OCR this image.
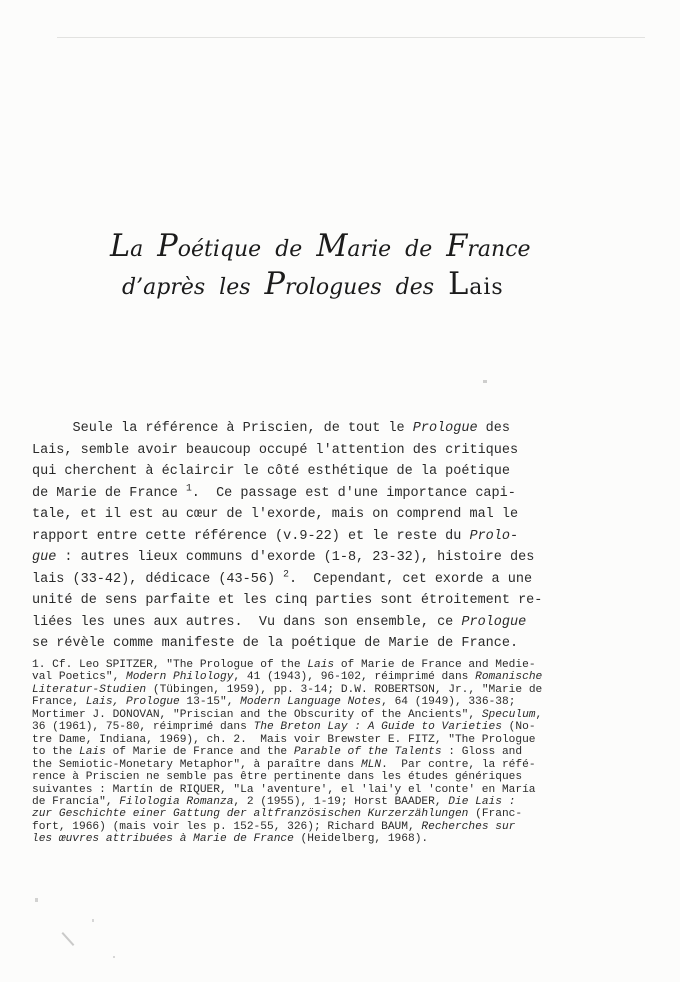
La Poétique de Marie de France
d’après les Prologues des Lais
Seule la référence à Priscien, de tout le Prologue des
Lais, semble avoir beaucoup occupé l'attention des critiques
qui cherchent à éclaircir le côté esthétique de la poétique
de Marie de France $^1$.  Ce passage est d'une importance capi-
tale, et il est au cœur de l'exorde, mais on comprend mal le
rapport entre cette référence (v.9-22) et le reste du Prolo-
gue : autres lieux communs d'exorde (1-8, 23-32), histoire des
lais (33-42), dédicace (43-56) $^2$.  Cependant, cet exorde a une
unité de sens parfaite et les cinq parties sont étroitement re-
liées les unes aux autres.  Vu dans son ensemble, ce Prologue
se révèle comme manifeste de la poétique de Marie de France.
1. Cf. Leo SPITZER, "The Prologue of the Lais of Marie de France and Medie-
val Poetics", Modern Philology, 41 (1943), 96-102, réimprimé dans Romanische
Literatur-Studien (Tübingen, 1959), pp. 3-14; D.W. ROBERTSON, Jr., "Marie de
France, Lais, Prologue 13-15", Modern Language Notes, 64 (1949), 336-38;
Mortimer J. DONOVAN, "Priscian and the Obscurity of the Ancients", Speculum,
36 (1961), 75-80, réimprimé dans The Breton Lay : A Guide to Varieties (No-
tre Dame, Indiana, 1969), ch. 2.  Mais voir Brewster E. FITZ, "The Prologue
to the Lais of Marie de France and the Parable of the Talents : Gloss and
the Semiotic-Monetary Metaphor", à paraître dans MLN.  Par contre, la réfé-
rence à Priscien ne semble pas être pertinente dans les études génériques
suivantes : Martín de RIQUER, "La 'aventure', el 'lai'y el 'conte' en María
de Francía", Filologia Romanza, 2 (1955), 1-19; Horst BAADER, Die Lais :
zur Geschichte einer Gattung der altfranzösischen Kurzerzählungen (Franc-
fort, 1966) (mais voir les p. 152-55, 326); Richard BAUM, Recherches sur
les œuvres attribuées à Marie de France (Heidelberg, 1968).
